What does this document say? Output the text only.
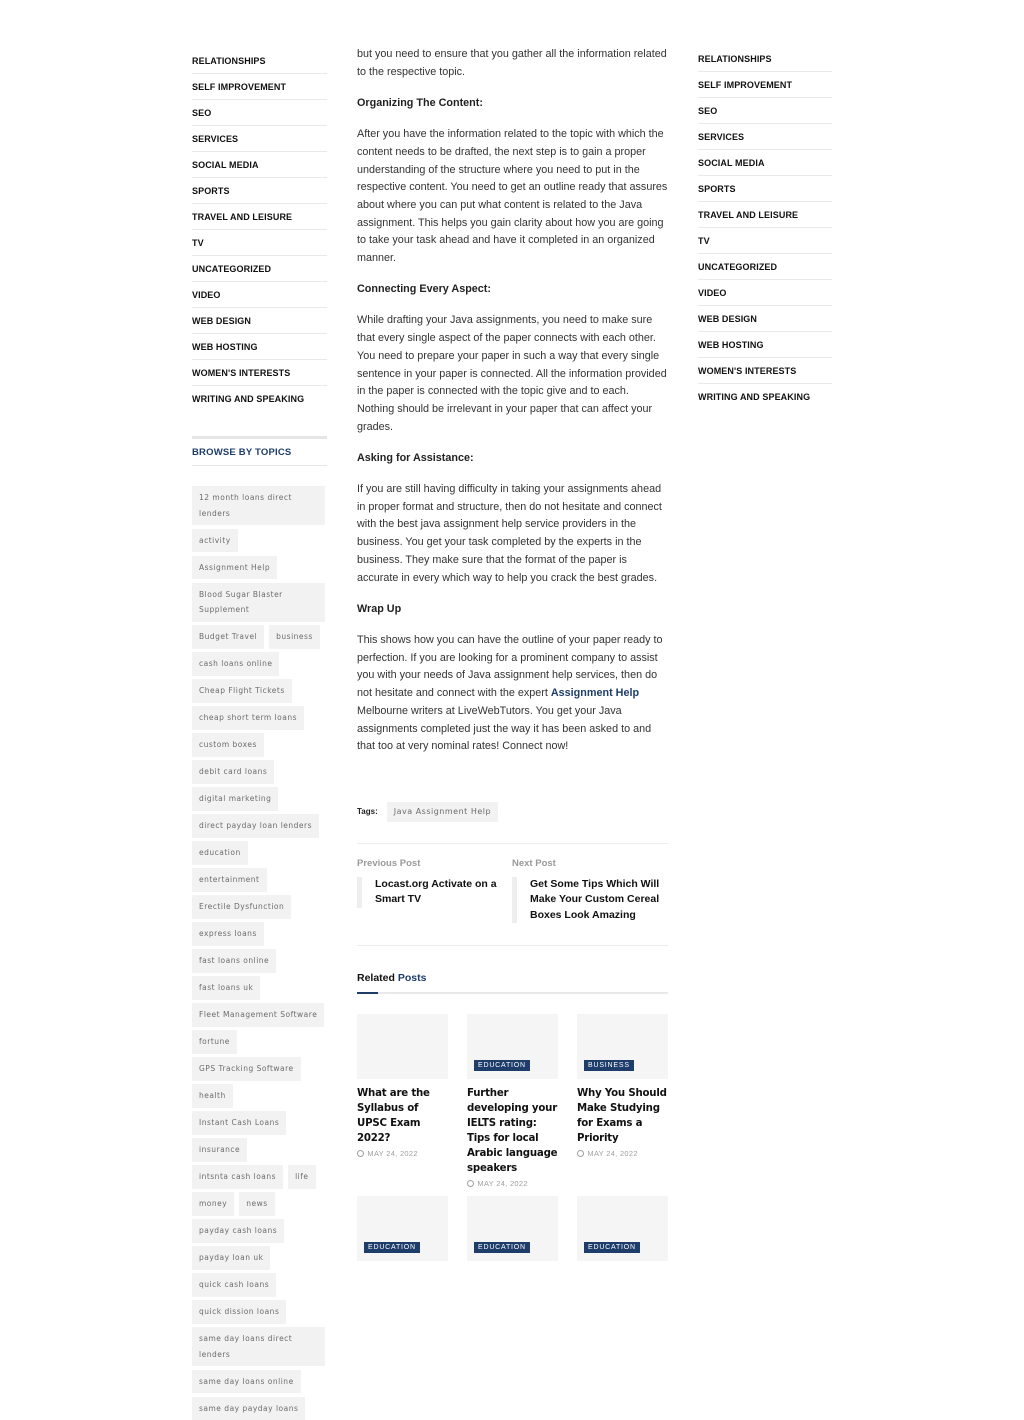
RELATIONSHIPS
SELF IMPROVEMENT
SEO
SERVICES
SOCIAL MEDIA
SPORTS
TRAVEL AND LEISURE
TV
UNCATEGORIZED
VIDEO
WEB DESIGN
WEB HOSTING
WOMEN'S INTERESTS
WRITING AND SPEAKING
BROWSE BY TOPICS
12 month loans direct lenders
activity
Assignment Help
Blood Sugar Blaster Supplement
Budget Travel	business
cash loans online
Cheap Flight Tickets
cheap short term loans
custom boxes
debit card loans
digital marketing
direct payday loan lenders
education
entertainment
Erectile Dysfunction
express loans
fast loans online
fast loans uk
Fleet Management Software
fortune
GPS Tracking Software
health
Instant Cash Loans
insurance
intsnta cash loans	life
money	news
payday cash loans
payday loan uk
quick cash loans
quick dission loans
same day loans direct lenders
same day loans online
same day payday loans

but you need to ensure that you gather all the information related to the respective topic.

Organizing The Content:

After you have the information related to the topic with which the content needs to be drafted, the next step is to gain a proper understanding of the structure where you need to put in the respective content. You need to get an outline ready that assures about where you can put what content is related to the Java assignment. This helps you gain clarity about how you are going to take your task ahead and have it completed in an organized manner.

Connecting Every Aspect:

While drafting your Java assignments, you need to make sure that every single aspect of the paper connects with each other. You need to prepare your paper in such a way that every single sentence in your paper is connected. All the information provided in the paper is connected with the topic give and to each. Nothing should be irrelevant in your paper that can affect your grades.

Asking for Assistance:

If you are still having difficulty in taking your assignments ahead in proper format and structure, then do not hesitate and connect with the best java assignment help service providers in the business. You get your task completed by the experts in the business. They make sure that the format of the paper is accurate in every which way to help you crack the best grades.

Wrap Up

This shows how you can have the outline of your paper ready to perfection. If you are looking for a prominent company to assist you with your needs of Java assignment help services, then do not hesitate and connect with the expert Assignment Help Melbourne writers at LiveWebTutors. You get your Java assignments completed just the way it has been asked to and that too at very nominal rates! Connect now!

Tags:	Java Assignment Help
Previous Post
Locast.org Activate on a Smart TV
Next Post
Get Some Tips Which Will Make Your Custom Cereal Boxes Look Amazing
Related Posts
What are the Syllabus of UPSC Exam 2022?
MAY 24, 2022
EDUCATION
Further developing your IELTS rating: Tips for local Arabic language speakers
MAY 24, 2022
BUSINESS
Why You Should Make Studying for Exams a Priority
MAY 24, 2022
EDUCATION	EDUCATION	EDUCATION
RELATIONSHIPS
SELF IMPROVEMENT
SEO
SERVICES
SOCIAL MEDIA
SPORTS
TRAVEL AND LEISURE
TV
UNCATEGORIZED
VIDEO
WEB DESIGN
WEB HOSTING
WOMEN'S INTERESTS
WRITING AND SPEAKING
